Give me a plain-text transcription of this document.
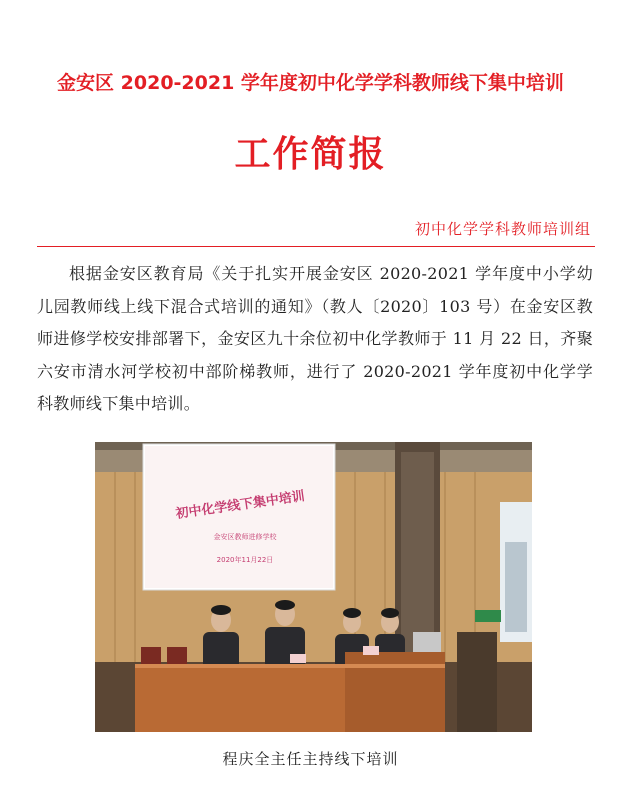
金安区 2020-2021 学年度初中化学学科教师线下集中培训
工作简报
初中化学学科教师培训组
根据金安区教育局《关于扎实开展金安区 2020-2021 学年度中小学幼儿园教师线上线下混合式培训的通知》（教人〔2020〕103 号）在金安区教师进修学校安排部署下，金安区九十余位初中化学教师于 11 月 22 日，齐聚六安市清水河学校初中部阶梯教师，进行了 2020-2021 学年度初中化学学科教师线下集中培训。
初中化学线下集中培训
金安区教师进修学校
2020年11月22日
程庆全主任主持线下培训
